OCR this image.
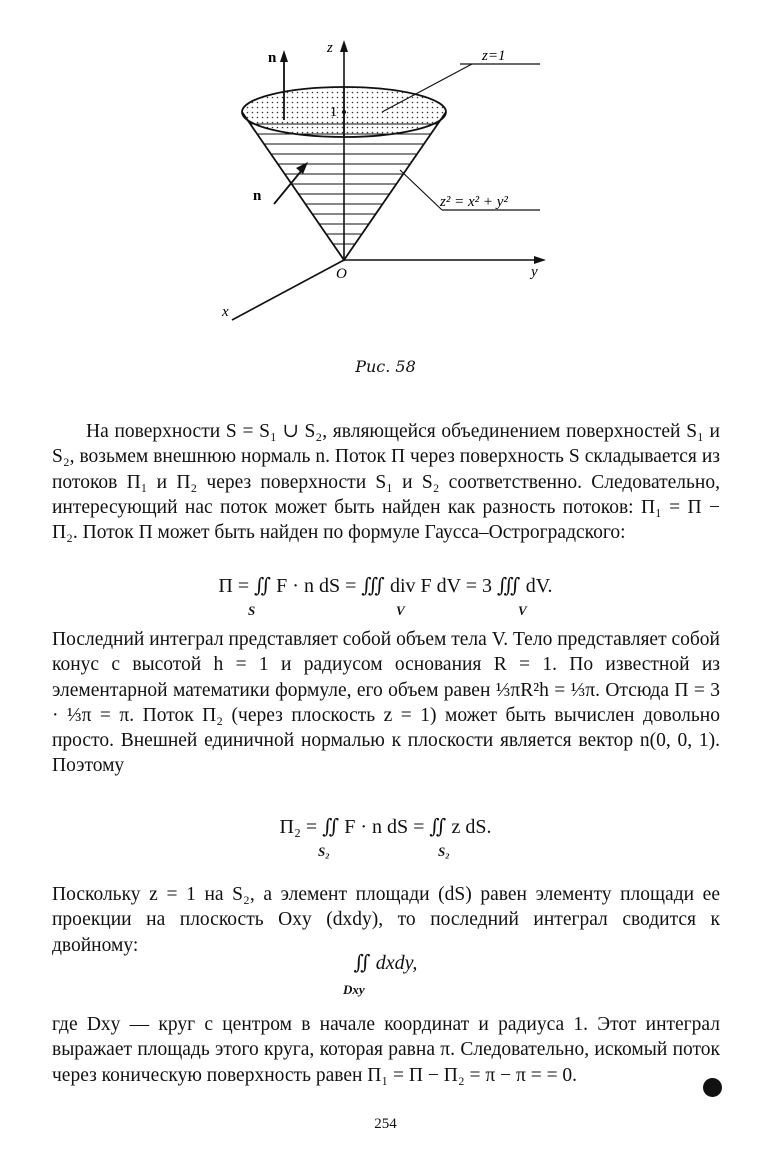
n
z
1
n
O	y
x
z=1
z² = x² + y²
Рис. 58
На поверхности S = S₁ ∪ S₂, являющейся объединением поверхностей S₁ и S₂, возьмем внешнюю нормаль n. Поток Π через поверхность S складывается из потоков Π₁ и Π₂ через поверхности S₁ и S₂ соответственно. Следовательно, интересующий нас поток может быть найден как разность потоков: Π₁ = Π − Π₂. Поток Π может быть найден по формуле Гаусса–Остроградского:
Π = ∬ F · n dS = ∭ div F dV = 3 ∭ dV.
S	V	V
Последний интеграл представляет собой объем тела V. Тело представляет собой конус с высотой h = 1 и радиусом основания R = 1. По известной из элементарной математики формуле, его объем равен ⅓πR²h = ⅓π. Отсюда Π = 3 · ⅓π = π. Поток Π₂ (через плоскость z = 1) может быть вычислен довольно просто. Внешней единичной нормалью к плоскости является вектор n(0, 0, 1). Поэтому
Π₂ = ∬ F · n dS = ∬ z dS.
S₂	S₂
Поскольку z = 1 на S₂, а элемент площади (dS) равен элементу площади ее проекции на плоскость Oxy (dxdy), то последний интеграл сводится к двойному:
∬ dxdy,
Dxy
где Dxy — круг с центром в начале координат и радиуса 1. Этот интеграл выражает площадь этого круга, которая равна π. Следовательно, искомый поток через коническую поверхность равен Π₁ = Π − Π₂ = π − π = = 0.
254
